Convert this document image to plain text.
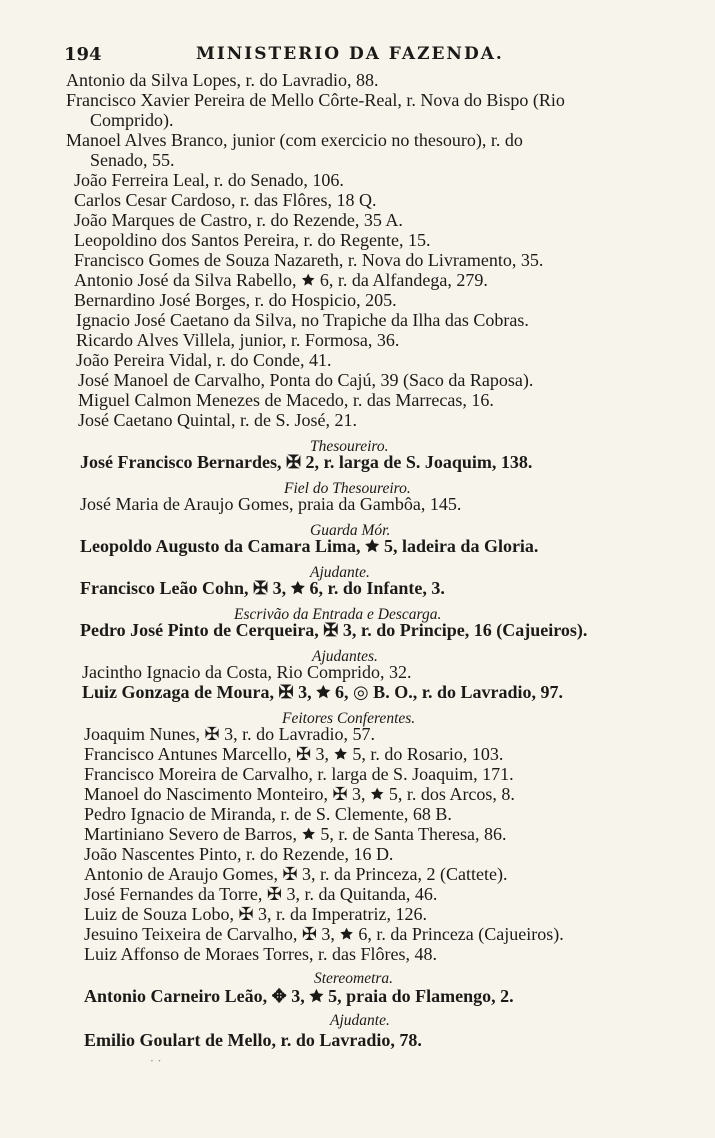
194	MINISTERIO DA FAZENDA.
Antonio da Silva Lopes, r. do Lavradio, 88.
Francisco Xavier Pereira de Mello Côrte-Real, r. Nova do Bispo (Rio
Comprido).
Manoel Alves Branco, junior (com exercicio no thesouro), r. do
Senado, 55.
João Ferreira Leal, r. do Senado, 106.
Carlos Cesar Cardoso, r. das Flôres, 18 Q.
João Marques de Castro, r. do Rezende, 35 A.
Leopoldino dos Santos Pereira, r. do Regente, 15.
Francisco Gomes de Souza Nazareth, r. Nova do Livramento, 35.
Antonio José da Silva Rabello, 🟊 6, r. da Alfandega, 279.
Bernardino José Borges, r. do Hospicio, 205.
Ignacio José Caetano da Silva, no Trapiche da Ilha das Cobras.
Ricardo Alves Villela, junior, r. Formosa, 36.
João Pereira Vidal, r. do Conde, 41.
José Manoel de Carvalho, Ponta do Cajú, 39 (Saco da Raposa).
Miguel Calmon Menezes de Macedo, r. das Marrecas, 16.
José Caetano Quintal, r. de S. José, 21.
Thesoureiro.
José Francisco Bernardes, ✠ 2, r. larga de S. Joaquim, 138.
Fiel do Thesoureiro.
José Maria de Araujo Gomes, praia da Gambôa, 145.
Guarda Mór.
Leopoldo Augusto da Camara Lima, 🟊 5, ladeira da Gloria.
Ajudante.
Francisco Leão Cohn, ✠ 3, 🟊 6, r. do Infante, 3.
Escrivão da Entrada e Descarga.
Pedro José Pinto de Cerqueira, ✠ 3, r. do Principe, 16 (Cajueiros).
Ajudantes.
Jacintho Ignacio da Costa, Rio Comprido, 32.
Luiz Gonzaga de Moura, ✠ 3, 🟊 6, ◎ B. O., r. do Lavradio, 97.
Feitores Conferentes.
Joaquim Nunes, ✠ 3, r. do Lavradio, 57.
Francisco Antunes Marcello, ✠ 3, 🟊 5, r. do Rosario, 103.
Francisco Moreira de Carvalho, r. larga de S. Joaquim, 171.
Manoel do Nascimento Monteiro, ✠ 3, 🟊 5, r. dos Arcos, 8.
Pedro Ignacio de Miranda, r. de S. Clemente, 68 B.
Martiniano Severo de Barros, 🟊 5, r. de Santa Theresa, 86.
João Nascentes Pinto, r. do Rezende, 16 D.
Antonio de Araujo Gomes, ✠ 3, r. da Princeza, 2 (Cattete).
José Fernandes da Torre, ✠ 3, r. da Quitanda, 46.
Luiz de Souza Lobo, ✠ 3, r. da Imperatriz, 126.
Jesuino Teixeira de Carvalho, ✠ 3, 🟊 6, r. da Princeza (Cajueiros).
Luiz Affonso de Moraes Torres, r. das Flôres, 48.
Stereometra.
Antonio Carneiro Leão, ✥ 3, 🟊 5, praia do Flamengo, 2.
Ajudante.
Emilio Goulart de Mello, r. do Lavradio, 78.
· ·
